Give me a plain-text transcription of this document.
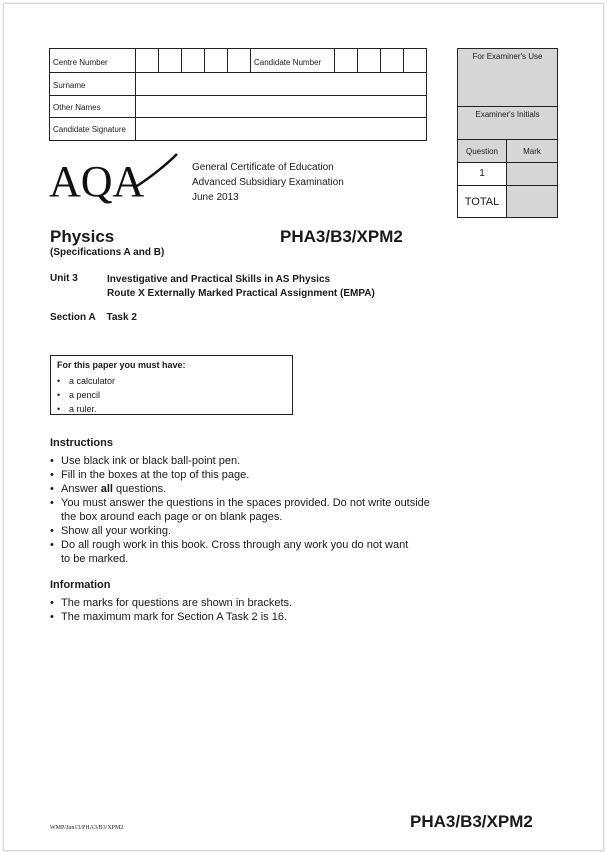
Centre Number	Candidate Number
Surname
Other Names
Candidate Signature
For Examiner's Use
Examiner's Initials
Question	Mark
1
TOTAL
AQA	General Certificate of Education
Advanced Subsidiary Examination
June 2013
Physics	PHA3/B3/XPM2
(Specifications A and B)
Unit 3	Investigative and Practical Skills in AS Physics
Route X Externally Marked Practical Assignment (EMPA)
Section A    Task 2
For this paper you must have:
• a calculator
• a pencil
• a ruler.
Instructions
• Use black ink or black ball-point pen.
• Fill in the boxes at the top of this page.
• Answer all questions.
• You must answer the questions in the spaces provided. Do not write outside
the box around each page or on blank pages.
• Show all your working.
• Do all rough work in this book. Cross through any work you do not want
to be marked.
Information
• The marks for questions are shown in brackets.
• The maximum mark for Section A Task 2 is 16.
WMP/Jun13/PHA3/B3/XPM2	PHA3/B3/XPM2
